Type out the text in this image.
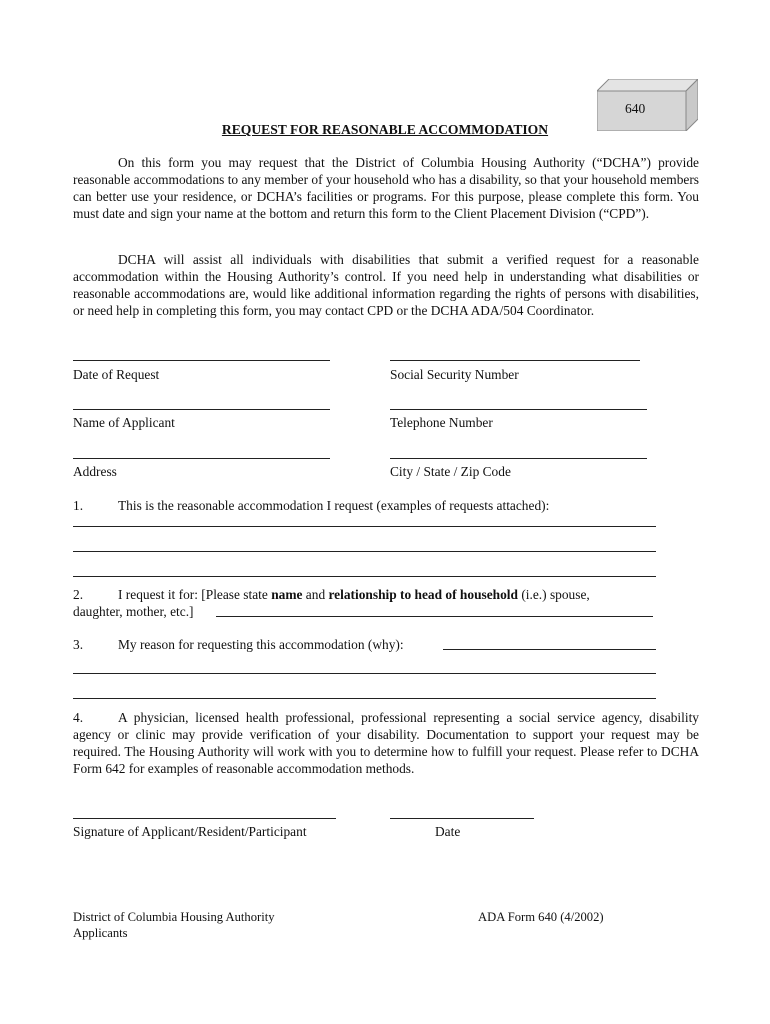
640
REQUEST FOR REASONABLE ACCOMMODATION

On this form you may request that the District of Columbia Housing Authority (“DCHA”) provide reasonable accommodations to any member of your household who has a disability, so that your household members can better use your residence, or DCHA’s facilities or programs. For this purpose, please complete this form. You must date and sign your name at the bottom and return this form to the Client Placement Division (“CPD”).

DCHA will assist all individuals with disabilities that submit a verified request for a reasonable accommodation within the Housing Authority’s control. If you need help in understanding what disabilities or reasonable accommodations are, would like additional information regarding the rights of persons with disabilities, or need help in completing this form, you may contact CPD or the DCHA ADA/504 Coordinator.

Date of Request	Social Security Number
Name of Applicant	Telephone Number
Address	City / State / Zip Code
1.	This is the reasonable accommodation I request (examples of requests attached):
2.	I request it for: [Please state name and relationship to head of household (i.e.) spouse,
daughter, mother, etc.]
3.	My reason for requesting this accommodation (why):

4.	A physician, licensed health professional, professional representing a social service agency, disability agency or clinic may provide verification of your disability. Documentation to support your request may be required. The Housing Authority will work with you to determine how to fulfill your request. Please refer to DCHA Form 642 for examples of reasonable accommodation methods.

Signature of Applicant/Resident/Participant	Date
District of Columbia Housing Authority
Applicants
ADA Form 640 (4/2002)
